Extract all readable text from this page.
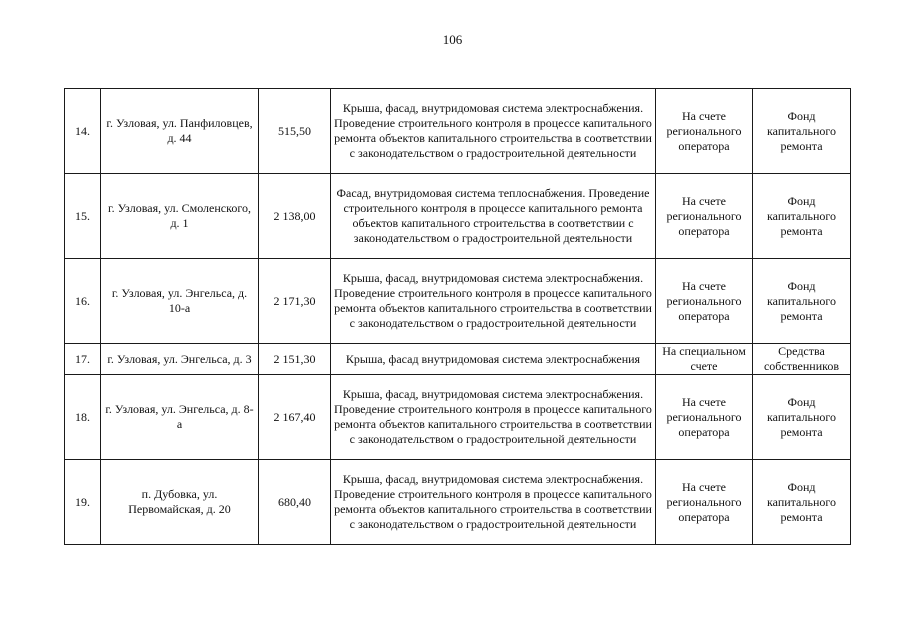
106
14.	г. Узловая, ул. Панфиловцев, д. 44	515,50	Крыша, фасад, внутридомовая система электроснабжения. Проведение строительного контроля в процессе капитального ремонта объектов капитального строительства в соответствии с законодательством о градостроительной деятельности	На счете регионального оператора	Фонд капитального ремонта
15.	г. Узловая, ул. Смоленского, д. 1	2 138,00	Фасад, внутридомовая система теплоснабжения. Проведение строительного контроля в процессе капитального ремонта объектов капитального строительства в соответствии с законодательством о градостроительной деятельности	На счете регионального оператора	Фонд капитального ремонта
16.	г. Узловая, ул. Энгельса, д. 10-а	2 171,30	Крыша, фасад, внутридомовая система электроснабжения. Проведение строительного контроля в процессе капитального ремонта объектов капитального строительства в соответствии с законодательством о градостроительной деятельности	На счете регионального оператора	Фонд капитального ремонта
17.	г. Узловая, ул. Энгельса, д. 3	2 151,30	Крыша, фасад внутридомовая система электроснабжения	На специальном счете	Средства собственников
18.	г. Узловая, ул. Энгельса, д. 8-а	2 167,40	Крыша, фасад, внутридомовая система электроснабжения. Проведение строительного контроля в процессе капитального ремонта объектов капитального строительства в соответствии с законодательством о градостроительной деятельности	На счете регионального оператора	Фонд капитального ремонта
19.	п. Дубовка, ул. Первомайская, д. 20	680,40	Крыша, фасад, внутридомовая система электроснабжения. Проведение строительного контроля в процессе капитального ремонта объектов капитального строительства в соответствии с законодательством о градостроительной деятельности	На счете регионального оператора	Фонд капитального ремонта
